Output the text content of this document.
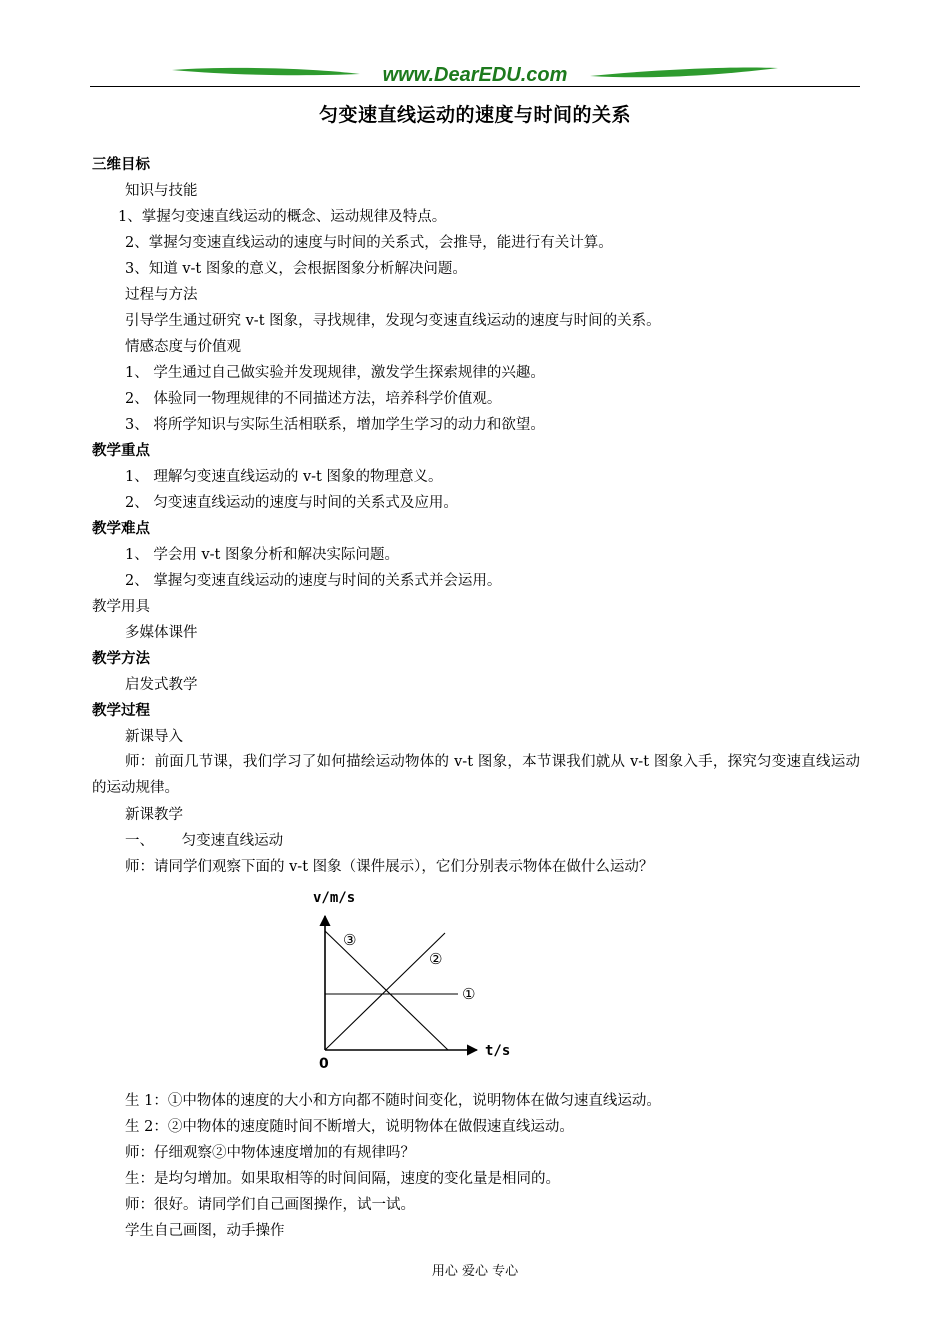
www.DearEDU.com
匀变速直线运动的速度与时间的关系
三维目标
知识与技能
1、掌握匀变速直线运动的概念、运动规律及特点。
2、掌握匀变速直线运动的速度与时间的关系式，会推导，能进行有关计算。
3、知道 v-t 图象的意义，会根据图象分析解决问题。
过程与方法
引导学生通过研究 v-t 图象，寻找规律，发现匀变速直线运动的速度与时间的关系。
情感态度与价值观
1、 学生通过自己做实验并发现规律，激发学生探索规律的兴趣。
2、 体验同一物理规律的不同描述方法，培养科学价值观。
3、 将所学知识与实际生活相联系，增加学生学习的动力和欲望。
教学重点
1、 理解匀变速直线运动的 v-t 图象的物理意义。
2、 匀变速直线运动的速度与时间的关系式及应用。
教学难点
1、 学会用 v-t 图象分析和解决实际问题。
2、 掌握匀变速直线运动的速度与时间的关系式并会运用。
教学用具
多媒体课件
教学方法
启发式教学
教学过程
新课导入
师：前面几节课，我们学习了如何描绘运动物体的 v-t 图象，本节课我们就从 v-t 图象入手，探究匀变速直线运动的运动规律。
新课教学
一、      匀变速直线运动
师：请同学们观察下面的 v-t 图象（课件展示），它们分别表示物体在做什么运动？
v/m/s
t/s
0
①
②
③
生 1：①中物体的速度的大小和方向都不随时间变化，说明物体在做匀速直线运动。
生 2：②中物体的速度随时间不断增大，说明物体在做假速直线运动。
师：仔细观察②中物体速度增加的有规律吗？
生：是均匀增加。如果取相等的时间间隔，速度的变化量是相同的。
师：很好。请同学们自己画图操作，试一试。
学生自己画图，动手操作
用心 爱心 专心
